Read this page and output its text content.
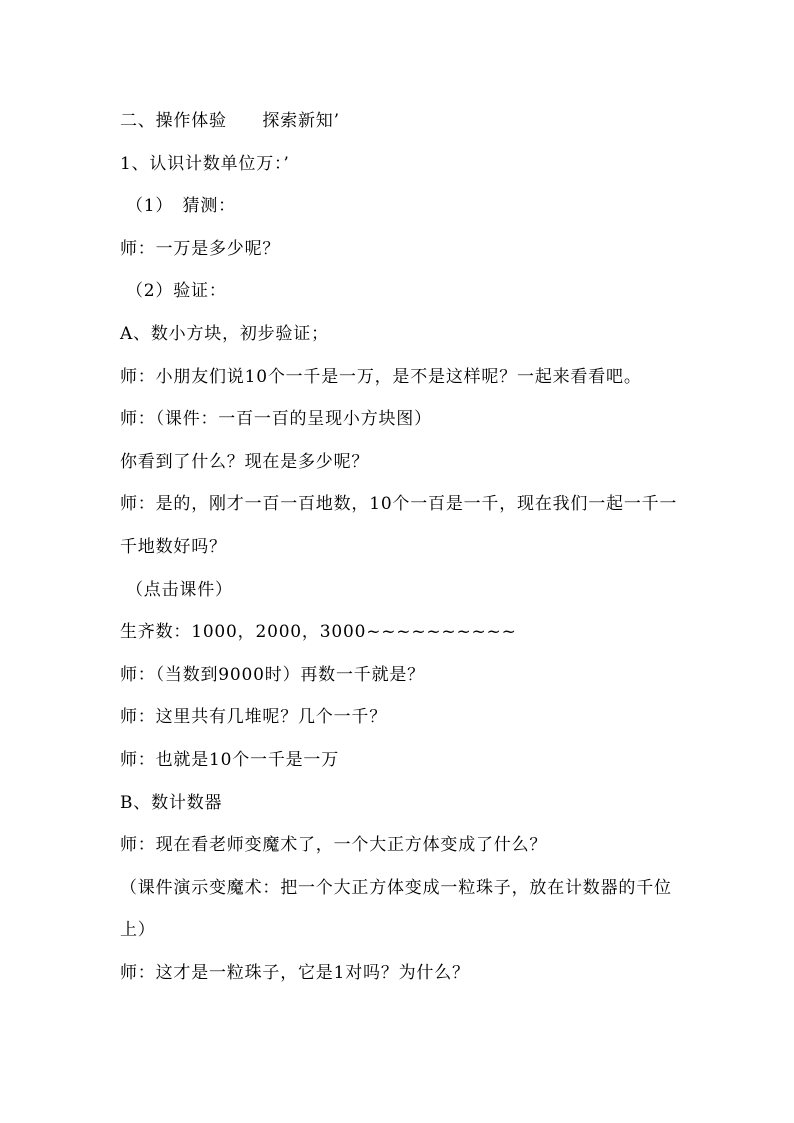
二、操作体验　　探索新知’
1、认识计数单位万：’
（1）　猜测：
师：一万是多少呢？
（2）验证：
A、数小方块，初步验证；
师：小朋友们说10个一千是一万，是不是这样呢？一起来看看吧。
师：（课件：一百一百的呈现小方块图）
你看到了什么？现在是多少呢？
师：是的，刚才一百一百地数，10个一百是一千，现在我们一起一千一千地数好吗？
（点击课件）
生齐数：1000，2000，3000~~~~~~~~~~
师：（当数到9000时）再数一千就是？
师：这里共有几堆呢？几个一千？
师：也就是10个一千是一万
B、数计数器
师：现在看老师变魔术了，一个大正方体变成了什么？
（课件演示变魔术：把一个大正方体变成一粒珠子，放在计数器的千位上）
师：这才是一粒珠子，它是1对吗？为什么？
